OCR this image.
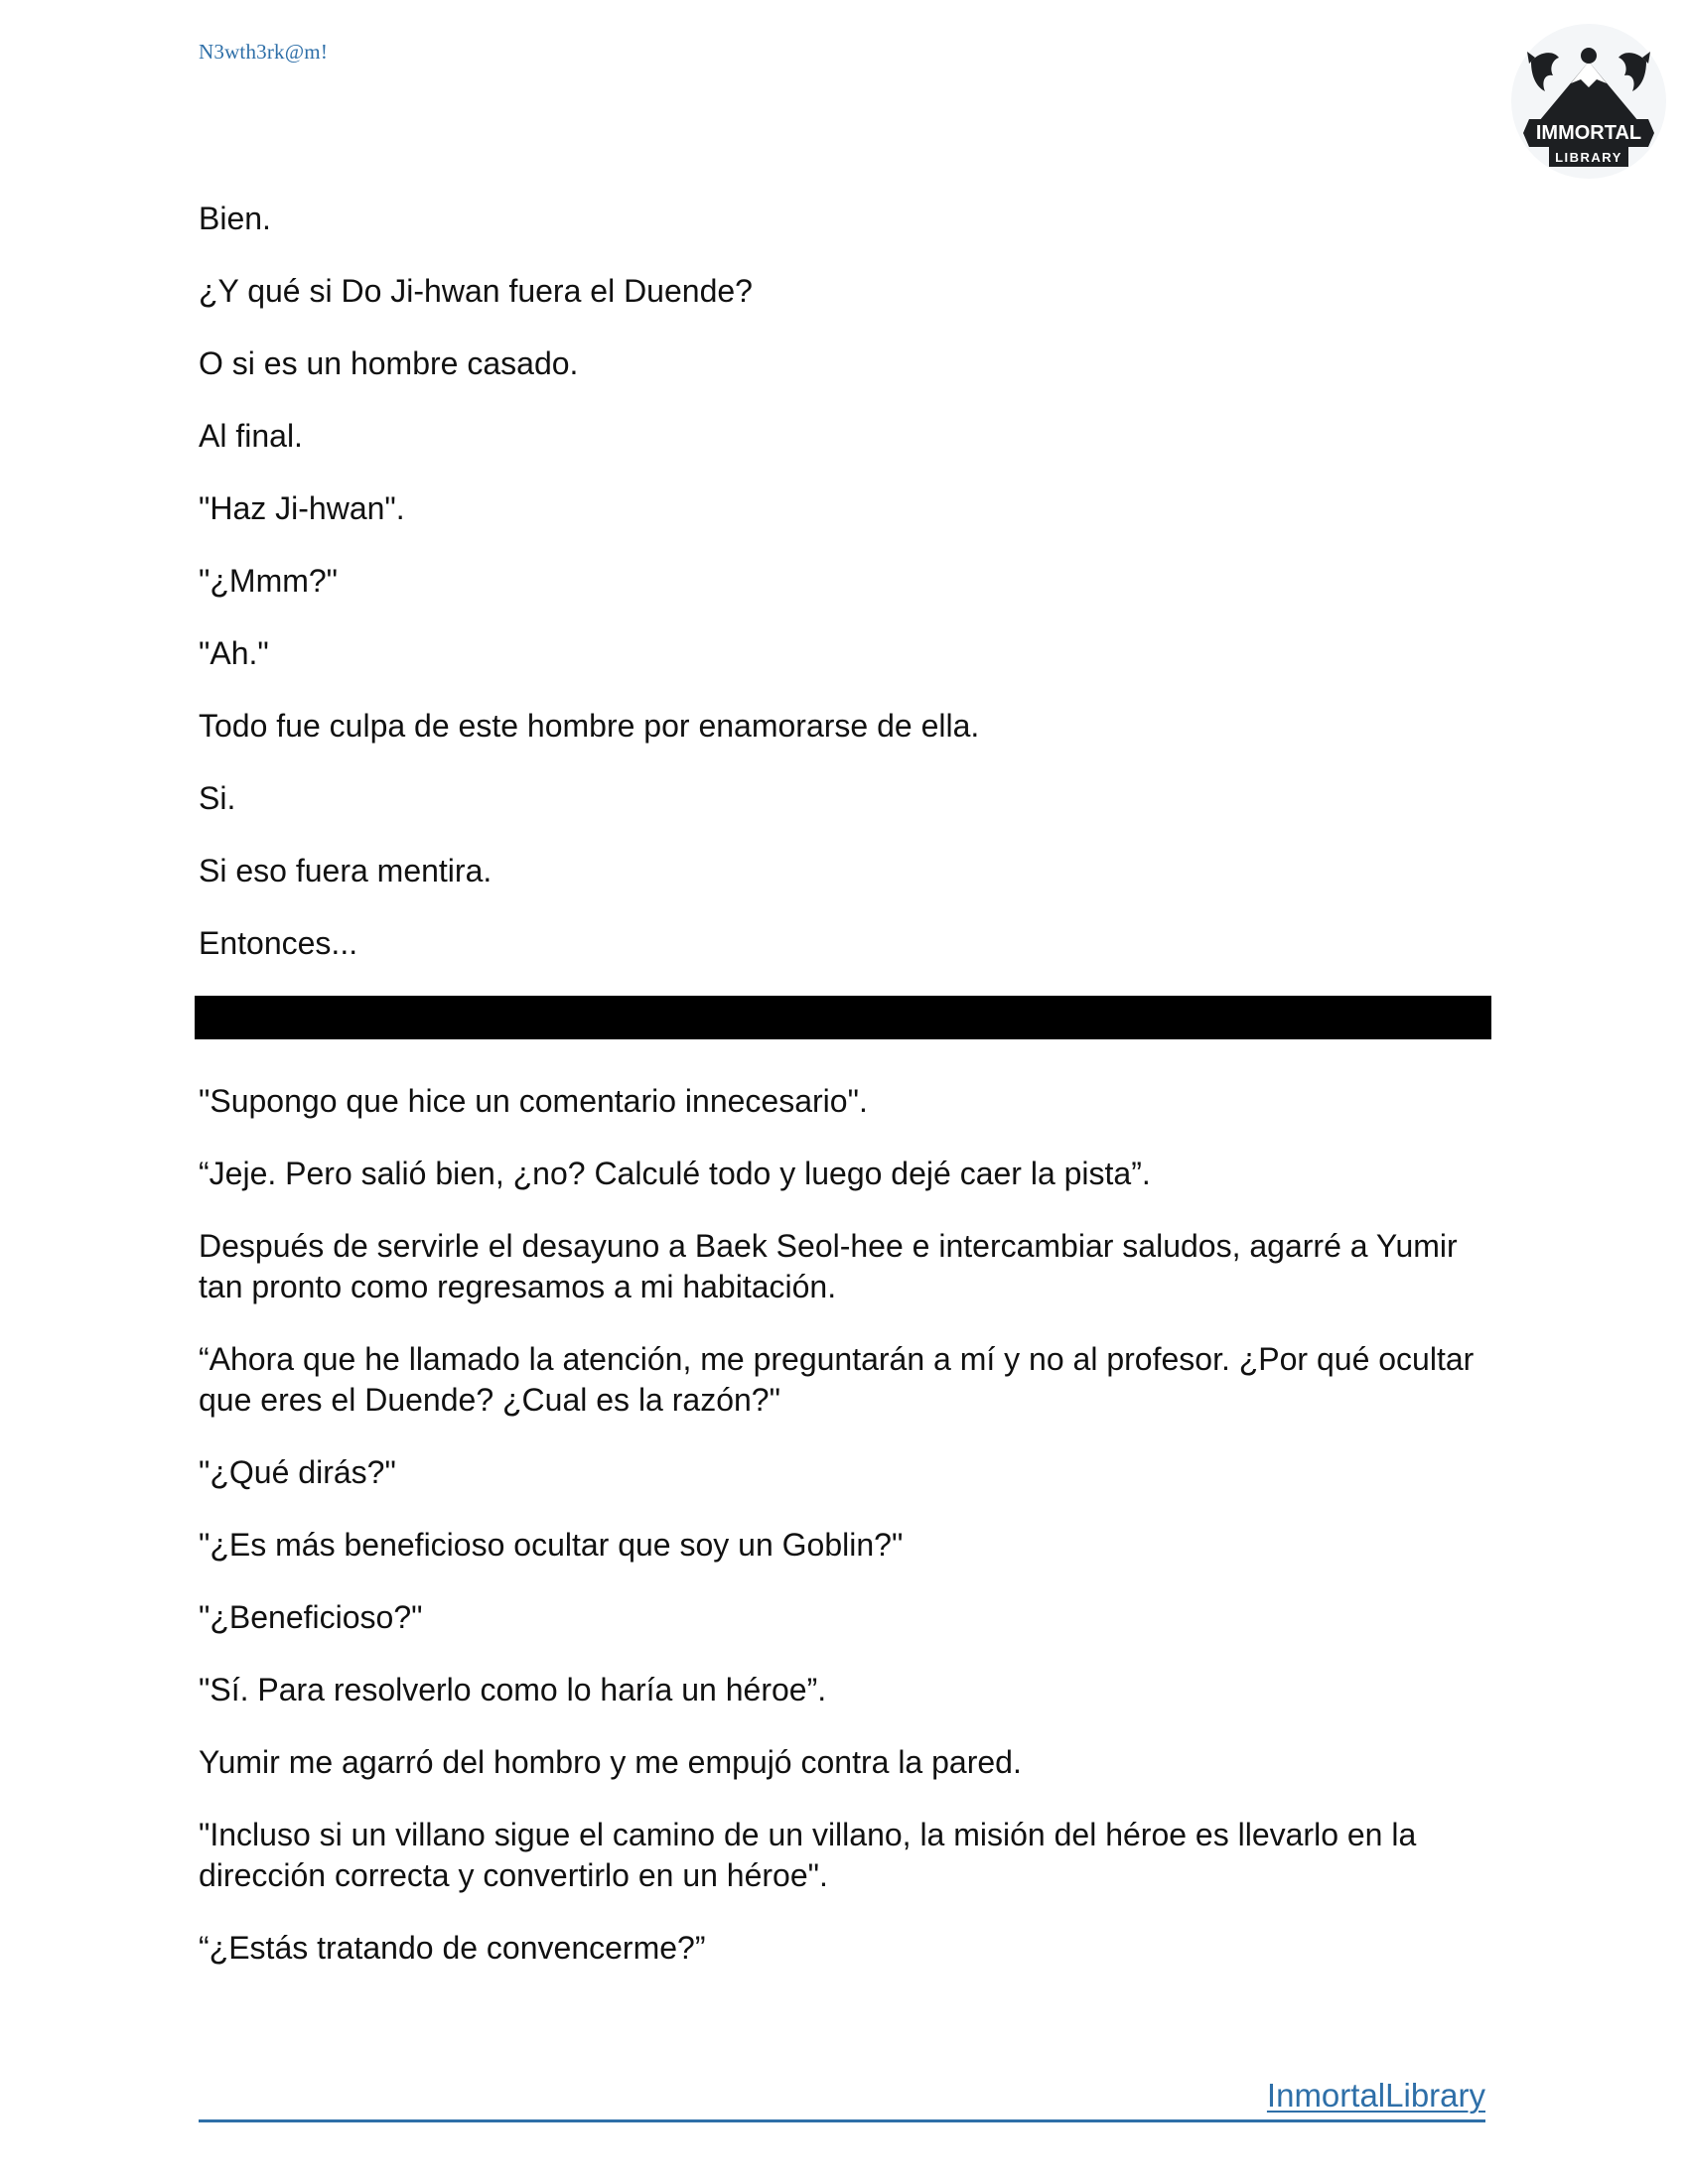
N3wth3rk@m!
IMMORTAL
LIBRARY

Bien.

¿Y qué si Do Ji-hwan fuera el Duende?

O si es un hombre casado.

Al final.

"Haz Ji-hwan".

"¿Mmm?"

"Ah."

Todo fue culpa de este hombre por enamorarse de ella.

Si.

Si eso fuera mentira.

Entonces...

"Supongo que hice un comentario innecesario".

“Jeje. Pero salió bien, ¿no? Calculé todo y luego dejé caer la pista”.

Después de servirle el desayuno a Baek Seol-hee e intercambiar saludos, agarré a Yumir tan pronto como regresamos a mi habitación.

“Ahora que he llamado la atención, me preguntarán a mí y no al profesor. ¿Por qué ocultar que eres el Duende? ¿Cual es la razón?"

"¿Qué dirás?"

"¿Es más beneficioso ocultar que soy un Goblin?"

"¿Beneficioso?"

"Sí. Para resolverlo como lo haría un héroe”.

Yumir me agarró del hombro y me empujó contra la pared.

"Incluso si un villano sigue el camino de un villano, la misión del héroe es llevarlo en la dirección correcta y convertirlo en un héroe".

“¿Estás tratando de convencerme?”

InmortalLibrary
